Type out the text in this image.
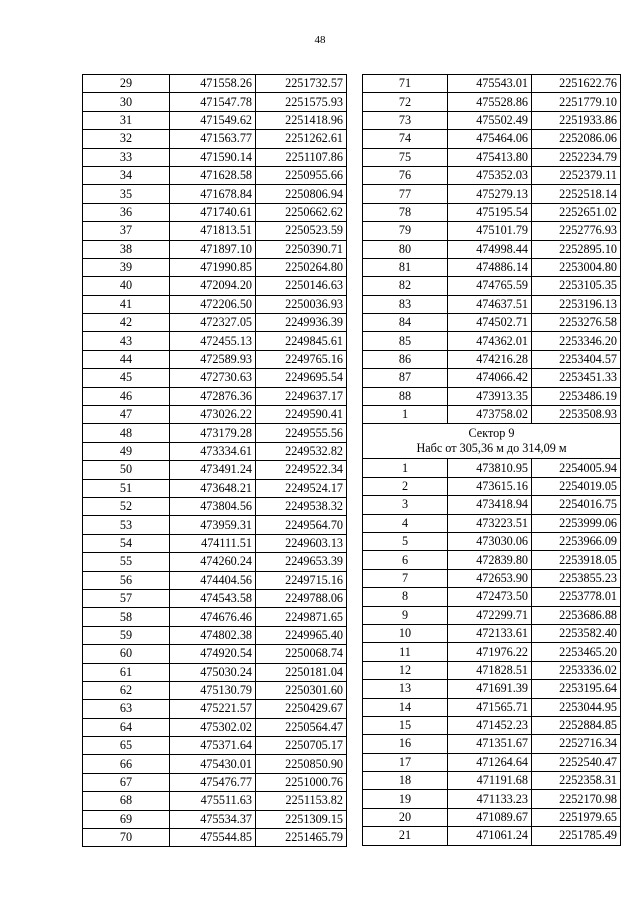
48
29	471558.26	2251732.57
30	471547.78	2251575.93
31	471549.62	2251418.96
32	471563.77	2251262.61
33	471590.14	2251107.86
34	471628.58	2250955.66
35	471678.84	2250806.94
36	471740.61	2250662.62
37	471813.51	2250523.59
38	471897.10	2250390.71
39	471990.85	2250264.80
40	472094.20	2250146.63
41	472206.50	2250036.93
42	472327.05	2249936.39
43	472455.13	2249845.61
44	472589.93	2249765.16
45	472730.63	2249695.54
46	472876.36	2249637.17
47	473026.22	2249590.41
48	473179.28	2249555.56
49	473334.61	2249532.82
50	473491.24	2249522.34
51	473648.21	2249524.17
52	473804.56	2249538.32
53	473959.31	2249564.70
54	474111.51	2249603.13
55	474260.24	2249653.39
56	474404.56	2249715.16
57	474543.58	2249788.06
58	474676.46	2249871.65
59	474802.38	2249965.40
60	474920.54	2250068.74
61	475030.24	2250181.04
62	475130.79	2250301.60
63	475221.57	2250429.67
64	475302.02	2250564.47
65	475371.64	2250705.17
66	475430.01	2250850.90
67	475476.77	2251000.76
68	475511.63	2251153.82
69	475534.37	2251309.15
70	475544.85	2251465.79
71	475543.01	2251622.76
72	475528.86	2251779.10
73	475502.49	2251933.86
74	475464.06	2252086.06
75	475413.80	2252234.79
76	475352.03	2252379.11
77	475279.13	2252518.14
78	475195.54	2252651.02
79	475101.79	2252776.93
80	474998.44	2252895.10
81	474886.14	2253004.80
82	474765.59	2253105.35
83	474637.51	2253196.13
84	474502.71	2253276.58
85	474362.01	2253346.20
86	474216.28	2253404.57
87	474066.42	2253451.33
88	473913.35	2253486.19
1	473758.02	2253508.93

Сектор 9
Набс от 305,36 м до 314,09 м		

1	473810.95	2254005.94
2	473615.16	2254019.05
3	473418.94	2254016.75
4	473223.51	2253999.06
5	473030.06	2253966.09
6	472839.80	2253918.05
7	472653.90	2253855.23
8	472473.50	2253778.01
9	472299.71	2253686.88
10	472133.61	2253582.40
11	471976.22	2253465.20
12	471828.51	2253336.02
13	471691.39	2253195.64
14	471565.71	2253044.95
15	471452.23	2252884.85
16	471351.67	2252716.34
17	471264.64	2252540.47
18	471191.68	2252358.31
19	471133.23	2252170.98
20	471089.67	2251979.65
21	471061.24	2251785.49
